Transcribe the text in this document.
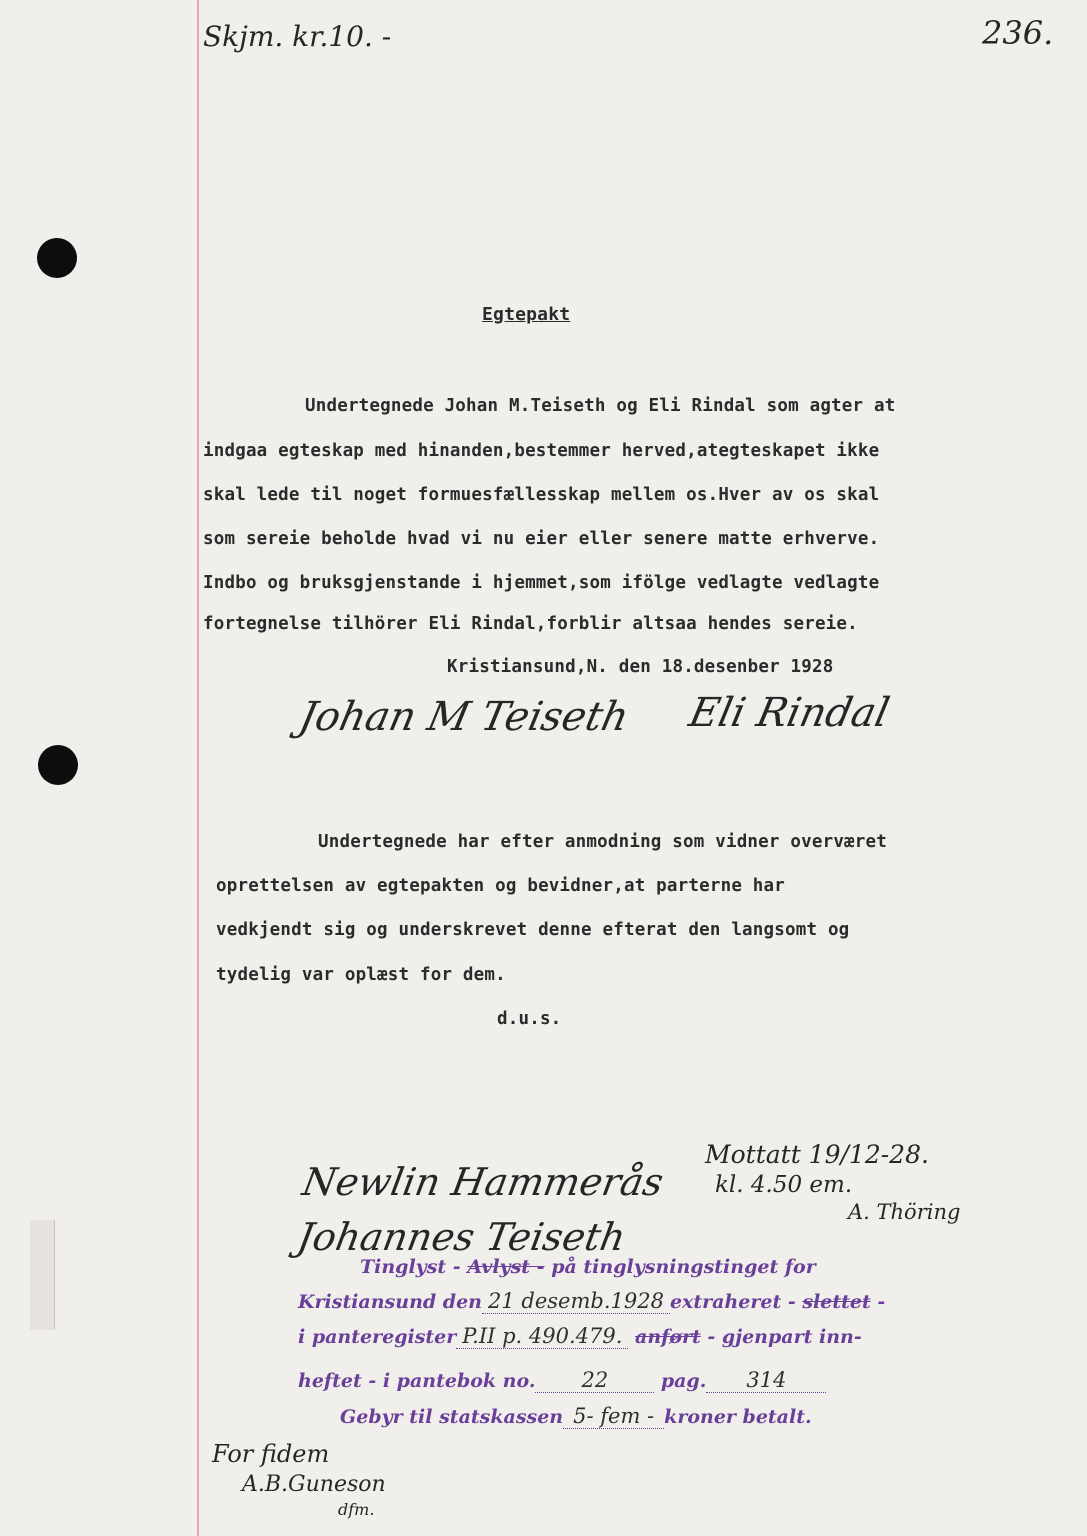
Skjm. kr.10. -	236.
Egtepakt
Undertegnede Johan M.Teiseth og Eli Rindal som agter at
indgaa egteskap med hinanden,bestemmer herved,ategteskapet ikke
skal lede til noget formuesfællesskap mellem os.Hver av os skal
som sereie beholde hvad vi nu eier eller senere matte erhverve.
Indbo og bruksgjenstande i hjemmet,som ifölge vedlagte vedlagte
fortegnelse tilhörer Eli Rindal,forblir altsaa hendes sereie.
Kristiansund,N. den 18.desenber 1928
Johan M Teiseth Eli Rindal
Undertegnede har efter anmodning som vidner overværet
oprettelsen av egtepakten og bevidner,at parterne har
vedkjendt sig og underskrevet denne efterat den langsomt og
tydelig var oplæst for dem.
d.u.s.
Newlin Hammerås
Johannes Teiseth
Mottatt 19/12-28.
kl. 4.50 em.
A. Thöring
Tinglyst - Avlyst - på tinglysningstinget for
Kristiansund den 21 desemb.1928 extraheret - slettet -
i panteregister P.II p. 490.479. anført - gjenpart inn-
heftet - i pantebok no. 22	pag. 314
Gebyr til statskassen 5- fem - kroner betalt.
For fidem
A.B.Guneson
dfm.
